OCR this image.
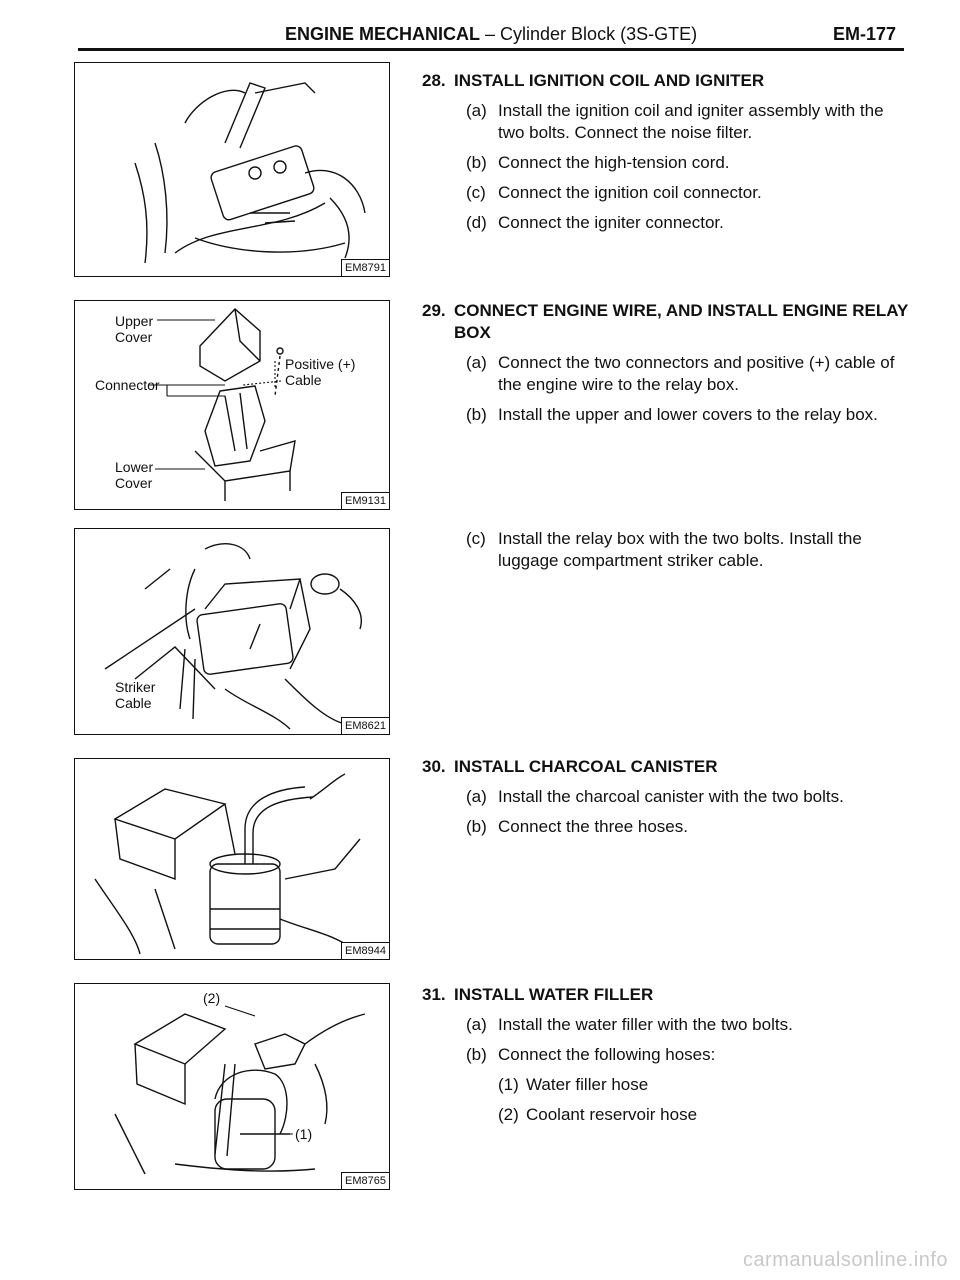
ENGINE MECHANICAL – Cylinder Block (3S-GTE)	EM-177
EM8791
Upper
Cover
Positive (+)
Cable
Connector
Lower
Cover
EM9131
Striker
Cable
EM8621
EM8944
(2)
(1)
EM8765
28. INSTALL IGNITION COIL AND IGNITER
(a) Install the ignition coil and igniter assembly with the two bolts. Connect the noise filter.
(b) Connect the high-tension cord.
(c) Connect the ignition coil connector.
(d) Connect the igniter connector.
29. CONNECT ENGINE WIRE, AND INSTALL ENGINE RELAY BOX
(a) Connect the two connectors and positive (+) cable of the engine wire to the relay box.
(b) Install the upper and lower covers to the relay box.
(c) Install the relay box with the two bolts. Install the luggage compartment striker cable.
30. INSTALL CHARCOAL CANISTER
(a) Install the charcoal canister with the two bolts.
(b) Connect the three hoses.
31. INSTALL WATER FILLER
(a) Install the water filler with the two bolts.
(b) Connect the following hoses:
(1) Water filler hose
(2) Coolant reservoir hose
carmanualsonline.info
